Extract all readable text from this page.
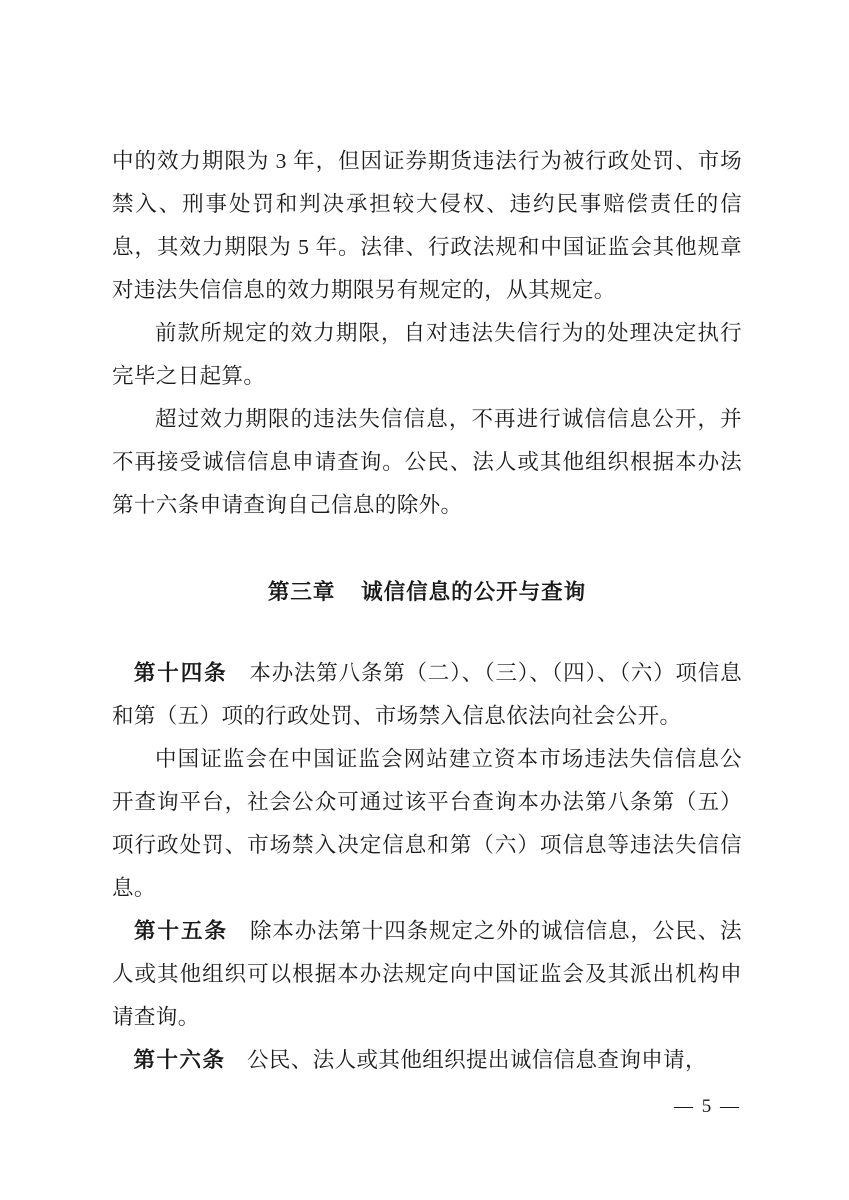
中的效力期限为 3 年，但因证券期货违法行为被行政处罚、市场禁入、刑事处罚和判决承担较大侵权、违约民事赔偿责任的信息，其效力期限为 5 年。法律、行政法规和中国证监会其他规章对违法失信信息的效力期限另有规定的，从其规定。

前款所规定的效力期限，自对违法失信行为的处理决定执行完毕之日起算。

超过效力期限的违法失信信息，不再进行诚信信息公开，并不再接受诚信信息申请查询。公民、法人或其他组织根据本办法第十六条申请查询自己信息的除外。

第三章 诚信信息的公开与查询

第十四条 本办法第八条第（二）、（三）、（四）、（六）项信息和第（五）项的行政处罚、市场禁入信息依法向社会公开。

中国证监会在中国证监会网站建立资本市场违法失信信息公开查询平台，社会公众可通过该平台查询本办法第八条第（五）项行政处罚、市场禁入决定信息和第（六）项信息等违法失信信息。

第十五条 除本办法第十四条规定之外的诚信信息，公民、法人或其他组织可以根据本办法规定向中国证监会及其派出机构申请查询。

第十六条 公民、法人或其他组织提出诚信信息查询申请，

— 5 —
